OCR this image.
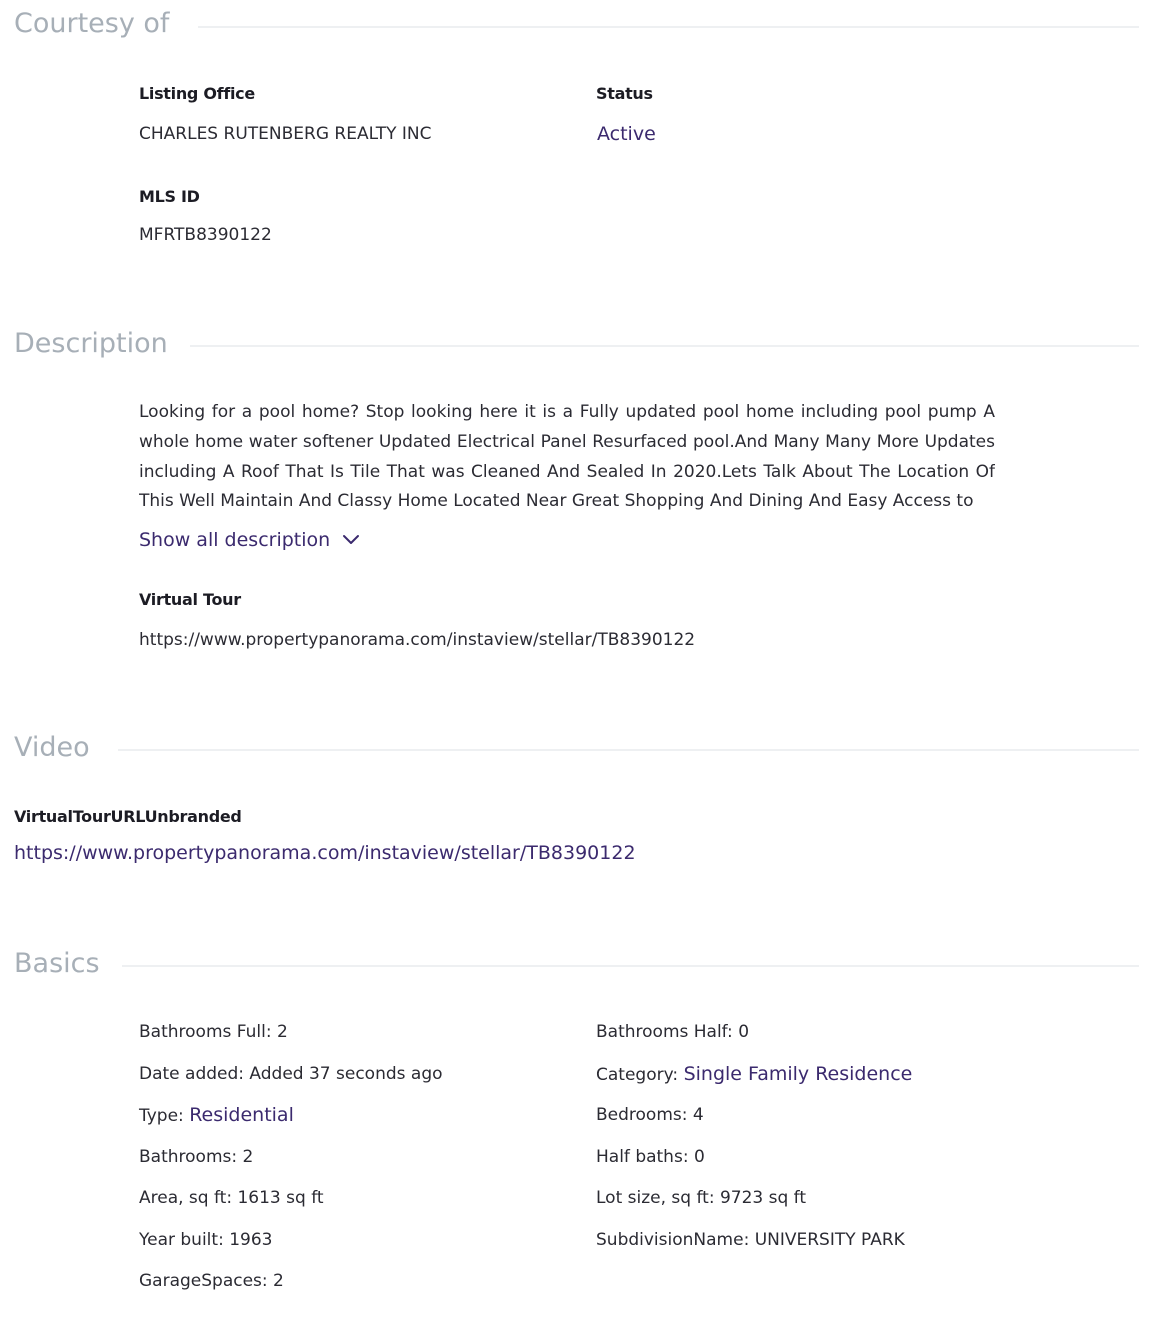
Courtesy of
Listing Office
CHARLES RUTENBERG REALTY INC
Status
Active
MLS ID
MFRTB8390122
Description
Looking for a pool home? Stop looking here it is a Fully updated pool home including pool pump A whole home water softener Updated Electrical Panel Resurfaced pool.And Many Many More Updates including A Roof That Is Tile That was Cleaned And Sealed In 2020.Lets Talk About The Location Of This Well Maintain And Classy Home Located Near Great Shopping And Dining And Easy Access to
Show all description
Virtual Tour
https://www.propertypanorama.com/instaview/stellar/TB8390122
Video
VirtualTourURLUnbranded
https://www.propertypanorama.com/instaview/stellar/TB8390122
Basics
Bathrooms Full: 2
Date added: Added 37 seconds ago
Type: Residential
Bathrooms: 2
Area, sq ft: 1613 sq ft
Year built: 1963
GarageSpaces: 2
Bathrooms Half: 0
Category: Single Family Residence
Bedrooms: 4
Half baths: 0
Lot size, sq ft: 9723 sq ft
SubdivisionName: UNIVERSITY PARK
